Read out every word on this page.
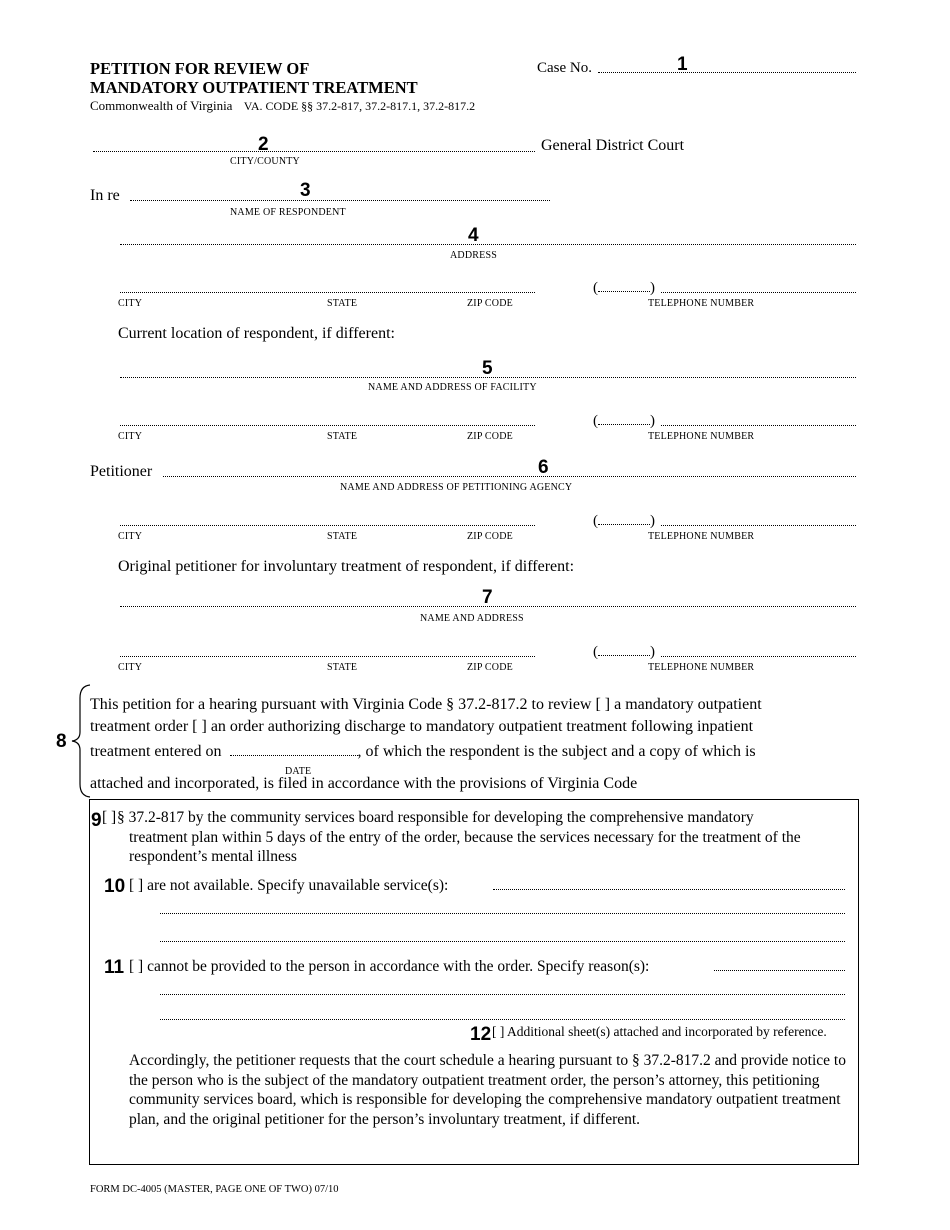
PETITION FOR REVIEW OF
MANDATORY OUTPATIENT TREATMENT
Commonwealth of Virginia VA. CODE §§ 37.2-817, 37.2-817.1, 37.2-817.2
Case No.	1
2
CITY/COUNTY
General District Court
In re	3
NAME OF RESPONDENT
4
ADDRESS
(	)
CITY	STATE	ZIP CODE	TELEPHONE NUMBER
Current location of respondent, if different:
5
NAME AND ADDRESS OF FACILITY
(	)
CITY	STATE	ZIP CODE	TELEPHONE NUMBER
Petitioner	6
NAME AND ADDRESS OF PETITIONING AGENCY
(	)
CITY	STATE	ZIP CODE	TELEPHONE NUMBER
Original petitioner for involuntary treatment of respondent, if different:
7
NAME AND ADDRESS
(	)
CITY	STATE	ZIP CODE	TELEPHONE NUMBER
8
This petition for a hearing pursuant with Virginia Code § 37.2-817.2 to review [ ] a mandatory outpatient
treatment order [ ] an order authorizing discharge to mandatory outpatient treatment following inpatient
treatment entered on	, of which the respondent is the subject and a copy of which is
DATE
attached and incorporated, is filed in accordance with the provisions of Virginia Code
9 [ ] § 37.2-817 by the community services board responsible for developing the comprehensive mandatory
treatment plan within 5 days of the entry of the order, because the services necessary for the treatment of the respondent’s mental illness
10 [ ] are not available. Specify unavailable service(s):
11 [ ] cannot be provided to the person in accordance with the order. Specify reason(s):
12 [ ] Additional sheet(s) attached and incorporated by reference.
Accordingly, the petitioner requests that the court schedule a hearing pursuant to § 37.2-817.2 and provide notice to the person who is the subject of the mandatory outpatient treatment order, the person’s attorney, this petitioning community services board, which is responsible for developing the comprehensive mandatory outpatient treatment plan, and the original petitioner for the person’s involuntary treatment, if different.
FORM DC-4005 (MASTER, PAGE ONE OF TWO) 07/10
